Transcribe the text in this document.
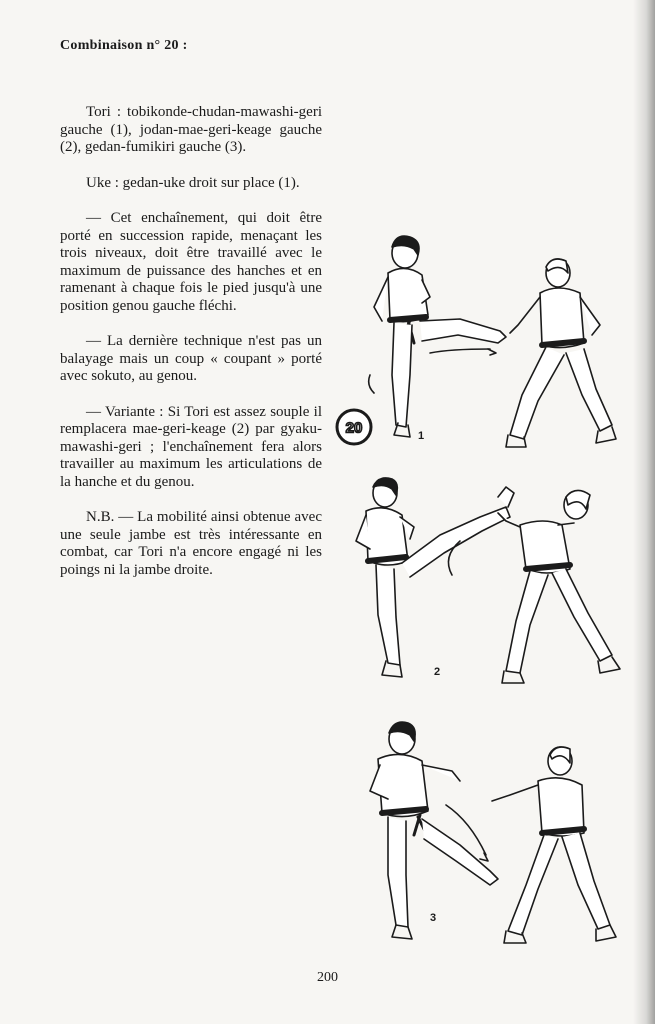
Combinaison n° 20 :

Tori : tobikonde-chudan-mawashi-geri gauche (1), jodan-mae-geri-keage gauche (2), gedan-fumikiri gauche (3).

Uke : gedan-uke droit sur place (1).

— Cet enchaînement, qui doit être porté en succession rapide, menaçant les trois niveaux, doit être travaillé avec le maximum de puissance des hanches et en ramenant à chaque fois le pied jusqu'à une position genou gauche fléchi.

— La dernière technique n'est pas un balayage mais un coup « coupant » porté avec sokuto, au genou.

— Variante : Si Tori est assez souple il remplacera mae-geri-keage (2) par gyaku-mawashi-geri ; l'enchaînement fera alors travailler au maximum les articulations de la hanche et du genou.

N.B. — La mobilité ainsi obtenue avec une seule jambe est très intéressante en combat, car Tori n'a encore engagé ni les poings ni la jambe droite.

1
2
3
20
200
